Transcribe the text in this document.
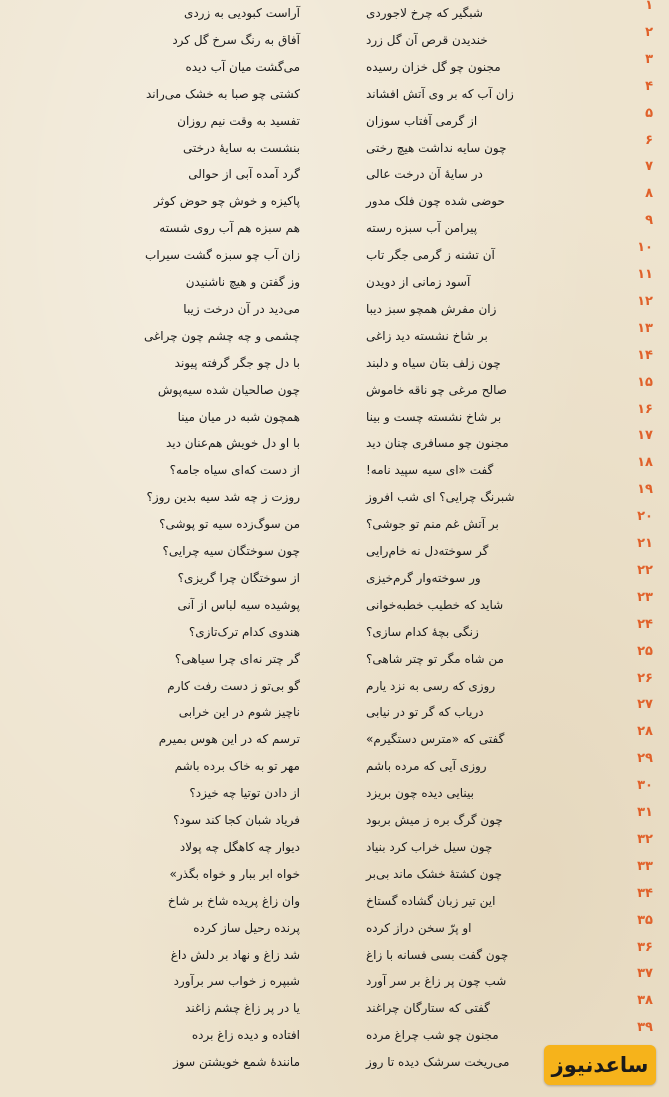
۱
شبگیر که چرخ لاجوردی
آراست کبودیی به زردی
۲
خندیدن قرص آن گل زرد
آفاق به رنگ سرخ گل کرد
۳
مجنون چو گل خزان رسیده
می‌گشت میان آب دیده
۴
زان آب که بر وی آتش افشاند
کشتی چو صبا به خشک می‌راند
۵
از گرمی آفتاب سوزان
تفسید به وقت نیم روزان
۶
چون سایه نداشت هیچ رختی
بنشست به سایهٔ درختی
۷
در سایهٔ آن درخت عالی
گرد آمده آبی از حوالی
۸
حوضی شده چون فلک مدور
پاکیزه و خوش چو حوض کوثر
۹
پیرامن آب سبزه رسته
هم سبزه هم آب روی شسته
۱۰
آن تشنه ز گرمی جگر تاب
زان آب چو سبزه گشت سیراب
۱۱
آسود زمانی از دویدن
وز گفتن و هیچ ناشنیدن
۱۲
زان مفرش همچو سبز دیبا
می‌دید در آن درخت زیبا
۱۳
بر شاخ نشسته دید زاغی
چشمی و چه چشم چون چراغی
۱۴
چون زلف بتان سیاه و دلبند
با دل چو جگر گرفته پیوند
۱۵
صالح مرغی چو ناقه خاموش
چون صالحیان شده سیه‌پوش
۱۶
بر شاخ نشسته چست و بینا
همچون شبه در میان مینا
۱۷
مجنون چو مسافری چنان دید
با او دل خویش هم‌عنان دید
۱۸
گفت «ای سیه سپید نامه!
از دست که‌ای سیاه جامه؟
۱۹
شبرنگ چرایی؟ ای شب افروز
روزت ز چه شد سیه بدین روز؟
۲۰
بر آتش غم منم تو جوشی؟
من سوگ‌زده سیه تو پوشی؟
۲۱
گر سوخته‌دل نه خام‌رایی
چون سوختگان سیه چرایی؟
۲۲
ور سوخته‌وار گرم‌خیزی
از سوختگان چرا گریزی؟
۲۳
شاید که خطیب خطبه‌خوانی
پوشیده سیه لباس از آنی
۲۴
زنگی بچهٔ کدام سازی؟
هندوی کدام ترک‌تازی؟
۲۵
من شاه مگر تو چتر شاهی؟
گر چتر نه‌ای چرا سیاهی؟
۲۶
روزی که رسی به نزد یارم
گو بی‌تو ز دست رفت کارم
۲۷
دریاب که گر تو در نیابی
ناچیز شوم در این خرابی
۲۸
گفتی که «مترس دستگیرم»
ترسم که در این هوس بمیرم
۲۹
روزی آیی که مرده باشم
مهر تو به خاک برده باشم
۳۰
بینایی دیده چون بریزد
از دادن توتیا چه خیزد؟
۳۱
چون گرگ بره ز میش بربود
فریاد شبان کجا کند سود؟
۳۲
چون سیل خراب کرد بنیاد
دیوار چه کاهگل چه پولاد
۳۳
چون کشتهٔ خشک ماند بی‌بر
خواه ابر ببار و خواه بگذر»
۳۴
این تیر زبان گشاده گستاخ
وان زاغ پریده شاخ بر شاخ
۳۵
او پرّ سخن دراز کرده
پرنده رحیل ساز کرده
۳۶
چون گفت بسی فسانه با زاغ
شد زاغ و نهاد بر دلش داغ
۳۷
شب چون پر زاغ بر سر آورد
شبپره ز خواب سر برآورد
۳۸
گفتی که ستارگان چراغند
یا در پر زاغ چشم زاغند
۳۹
مجنون چو شب چراغ مرده
افتاده و دیده زاغ برده
می‌ریخت سرشک دیده تا روز
مانندهٔ شمع خویشتن سوز	ساعدنیوز
